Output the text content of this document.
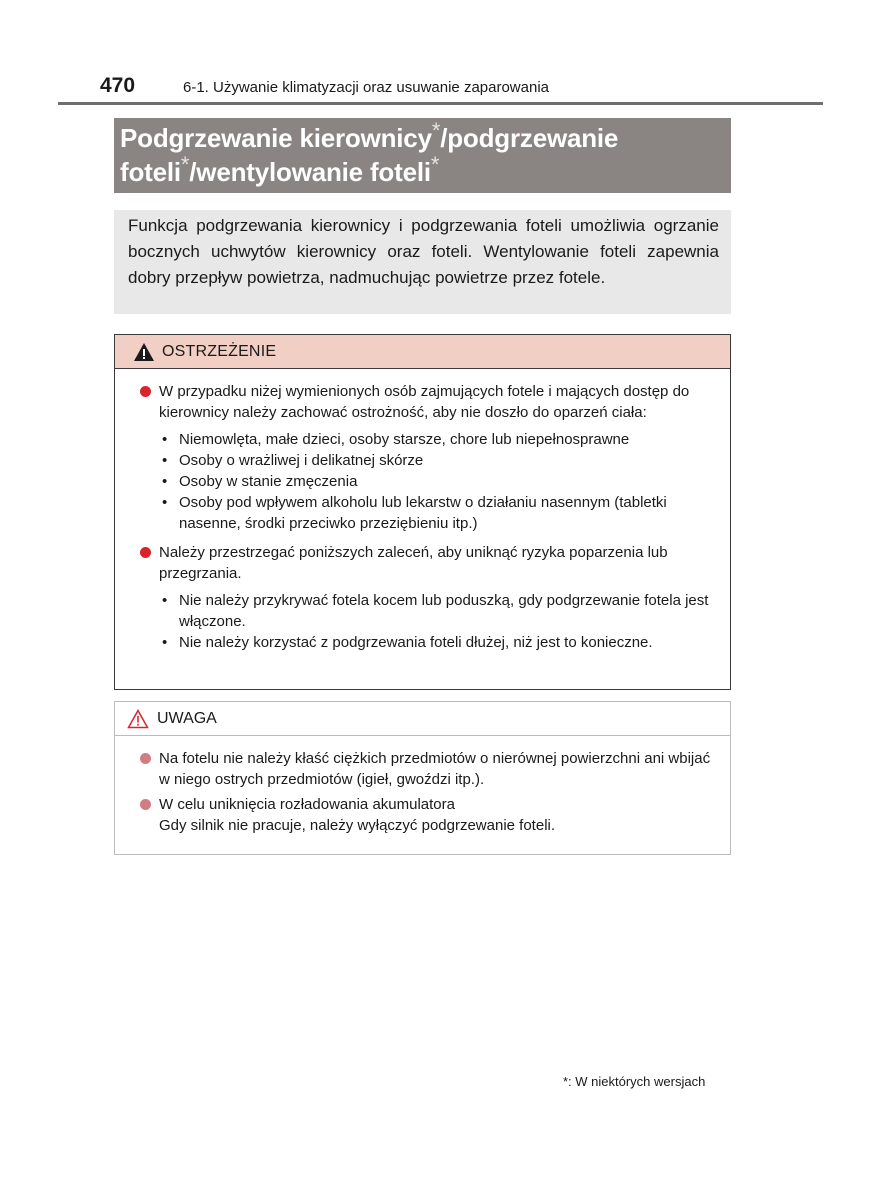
470	6-1. Używanie klimatyzacji oraz usuwanie zaparowania
Podgrzewanie kierownicy*/podgrzewanie
foteli*/wentylowanie foteli*

Funkcja podgrzewania kierownicy i podgrzewania foteli umożliwia ogrzanie bocznych uchwytów kierownicy oraz foteli. Wentylowanie foteli zapewnia dobry przepływ powietrza, nadmuchując powietrze przez fotele.

OSTRZEŻENIE
W przypadku niżej wymienionych osób zajmujących fotele i mających dostęp do kierownicy należy zachować ostrożność, aby nie doszło do oparzeń ciała:
• Niemowlęta, małe dzieci, osoby starsze, chore lub niepełnosprawne
• Osoby o wrażliwej i delikatnej skórze
• Osoby w stanie zmęczenia
• Osoby pod wpływem alkoholu lub lekarstw o działaniu nasennym (tabletki nasenne, środki przeciwko przeziębieniu itp.)
Należy przestrzegać poniższych zaleceń, aby uniknąć ryzyka poparzenia lub przegrzania.
• Nie należy przykrywać fotela kocem lub poduszką, gdy podgrzewanie fotela jest włączone.
• Nie należy korzystać z podgrzewania foteli dłużej, niż jest to konieczne.
UWAGA
Na fotelu nie należy kłaść ciężkich przedmiotów o nierównej powierzchni ani wbijać w niego ostrych przedmiotów (igieł, gwoździ itp.).
W celu uniknięcia rozładowania akumulatora
Gdy silnik nie pracuje, należy wyłączyć podgrzewanie foteli.
*: W niektórych wersjach
